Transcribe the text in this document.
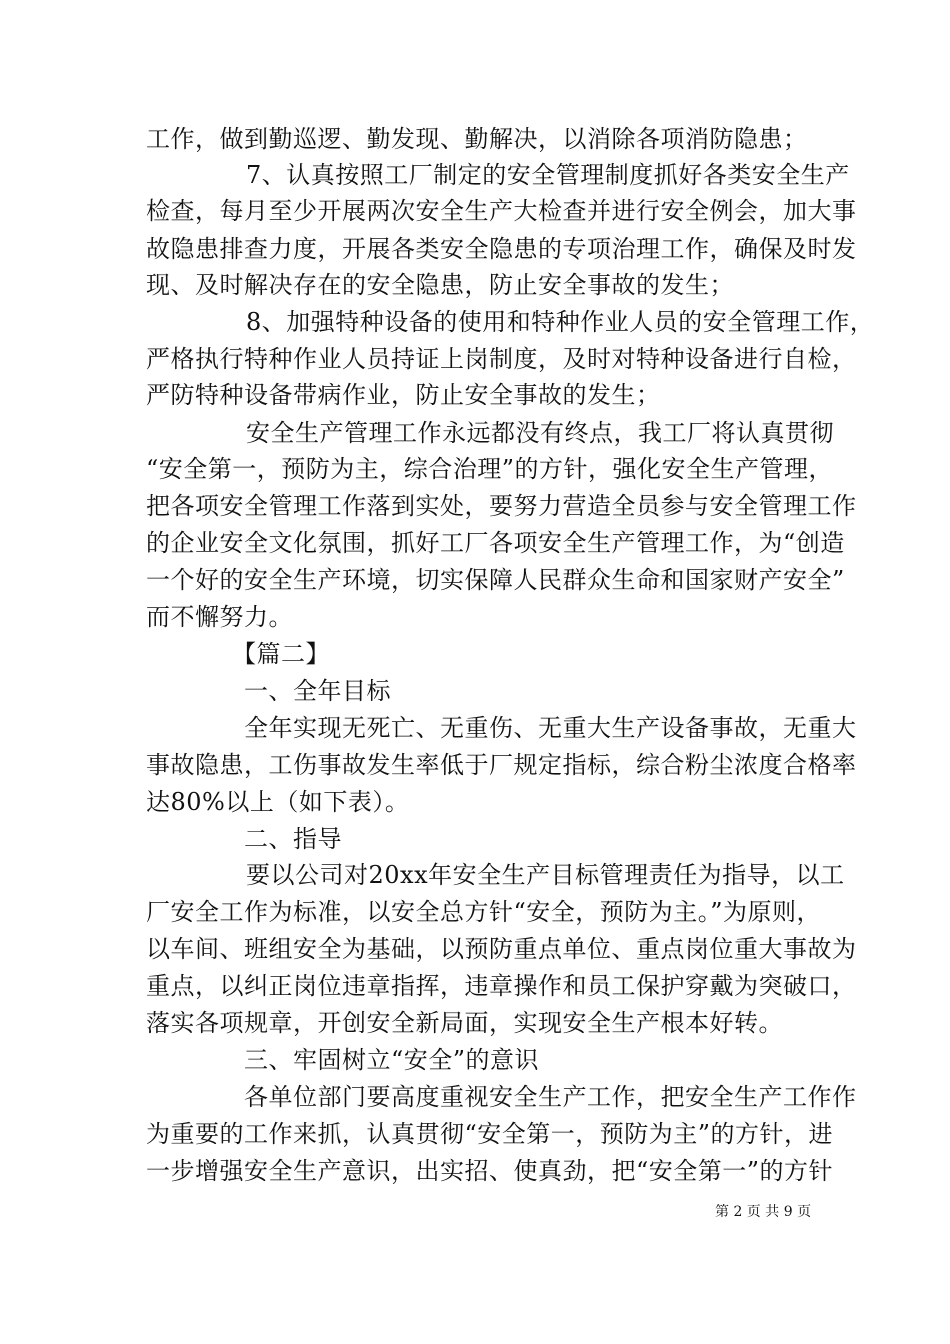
工作，做到勤巡逻、勤发现、勤解决，以消除各项消防隐患；
7、认真按照工厂制定的安全管理制度抓好各类安全生产
检查，每月至少开展两次安全生产大检查并进行安全例会，加大事
故隐患排查力度，开展各类安全隐患的专项治理工作，确保及时发
现、及时解决存在的安全隐患，防止安全事故的发生；
8、加强特种设备的使用和特种作业人员的安全管理工作，
严格执行特种作业人员持证上岗制度，及时对特种设备进行自检，
严防特种设备带病作业，防止安全事故的发生；
安全生产管理工作永远都没有终点，我工厂将认真贯彻
“安全第一，预防为主，综合治理”的方针，强化安全生产管理，
把各项安全管理工作落到实处，要努力营造全员参与安全管理工作
的企业安全文化氛围，抓好工厂各项安全生产管理工作，为“创造
一个好的安全生产环境，切实保障人民群众生命和国家财产安全”
而不懈努力。
【篇二】
一、全年目标
全年实现无死亡、无重伤、无重大生产设备事故，无重大
事故隐患，工伤事故发生率低于厂规定指标，综合粉尘浓度合格率
达80%以上（如下表）。
二、指导
要以公司对20xx年安全生产目标管理责任为指导，以工
厂安全工作为标准，以安全总方针“安全，预防为主。”为原则，
以车间、班组安全为基础，以预防重点单位、重点岗位重大事故为
重点，以纠正岗位违章指挥，违章操作和员工保护穿戴为突破口，
落实各项规章，开创安全新局面，实现安全生产根本好转。
三、牢固树立“安全”的意识
各单位部门要高度重视安全生产工作，把安全生产工作作
为重要的工作来抓，认真贯彻“安全第一，预防为主”的方针，进
一步增强安全生产意识，出实招、使真劲，把“安全第一”的方针
第 2 页 共 9 页
